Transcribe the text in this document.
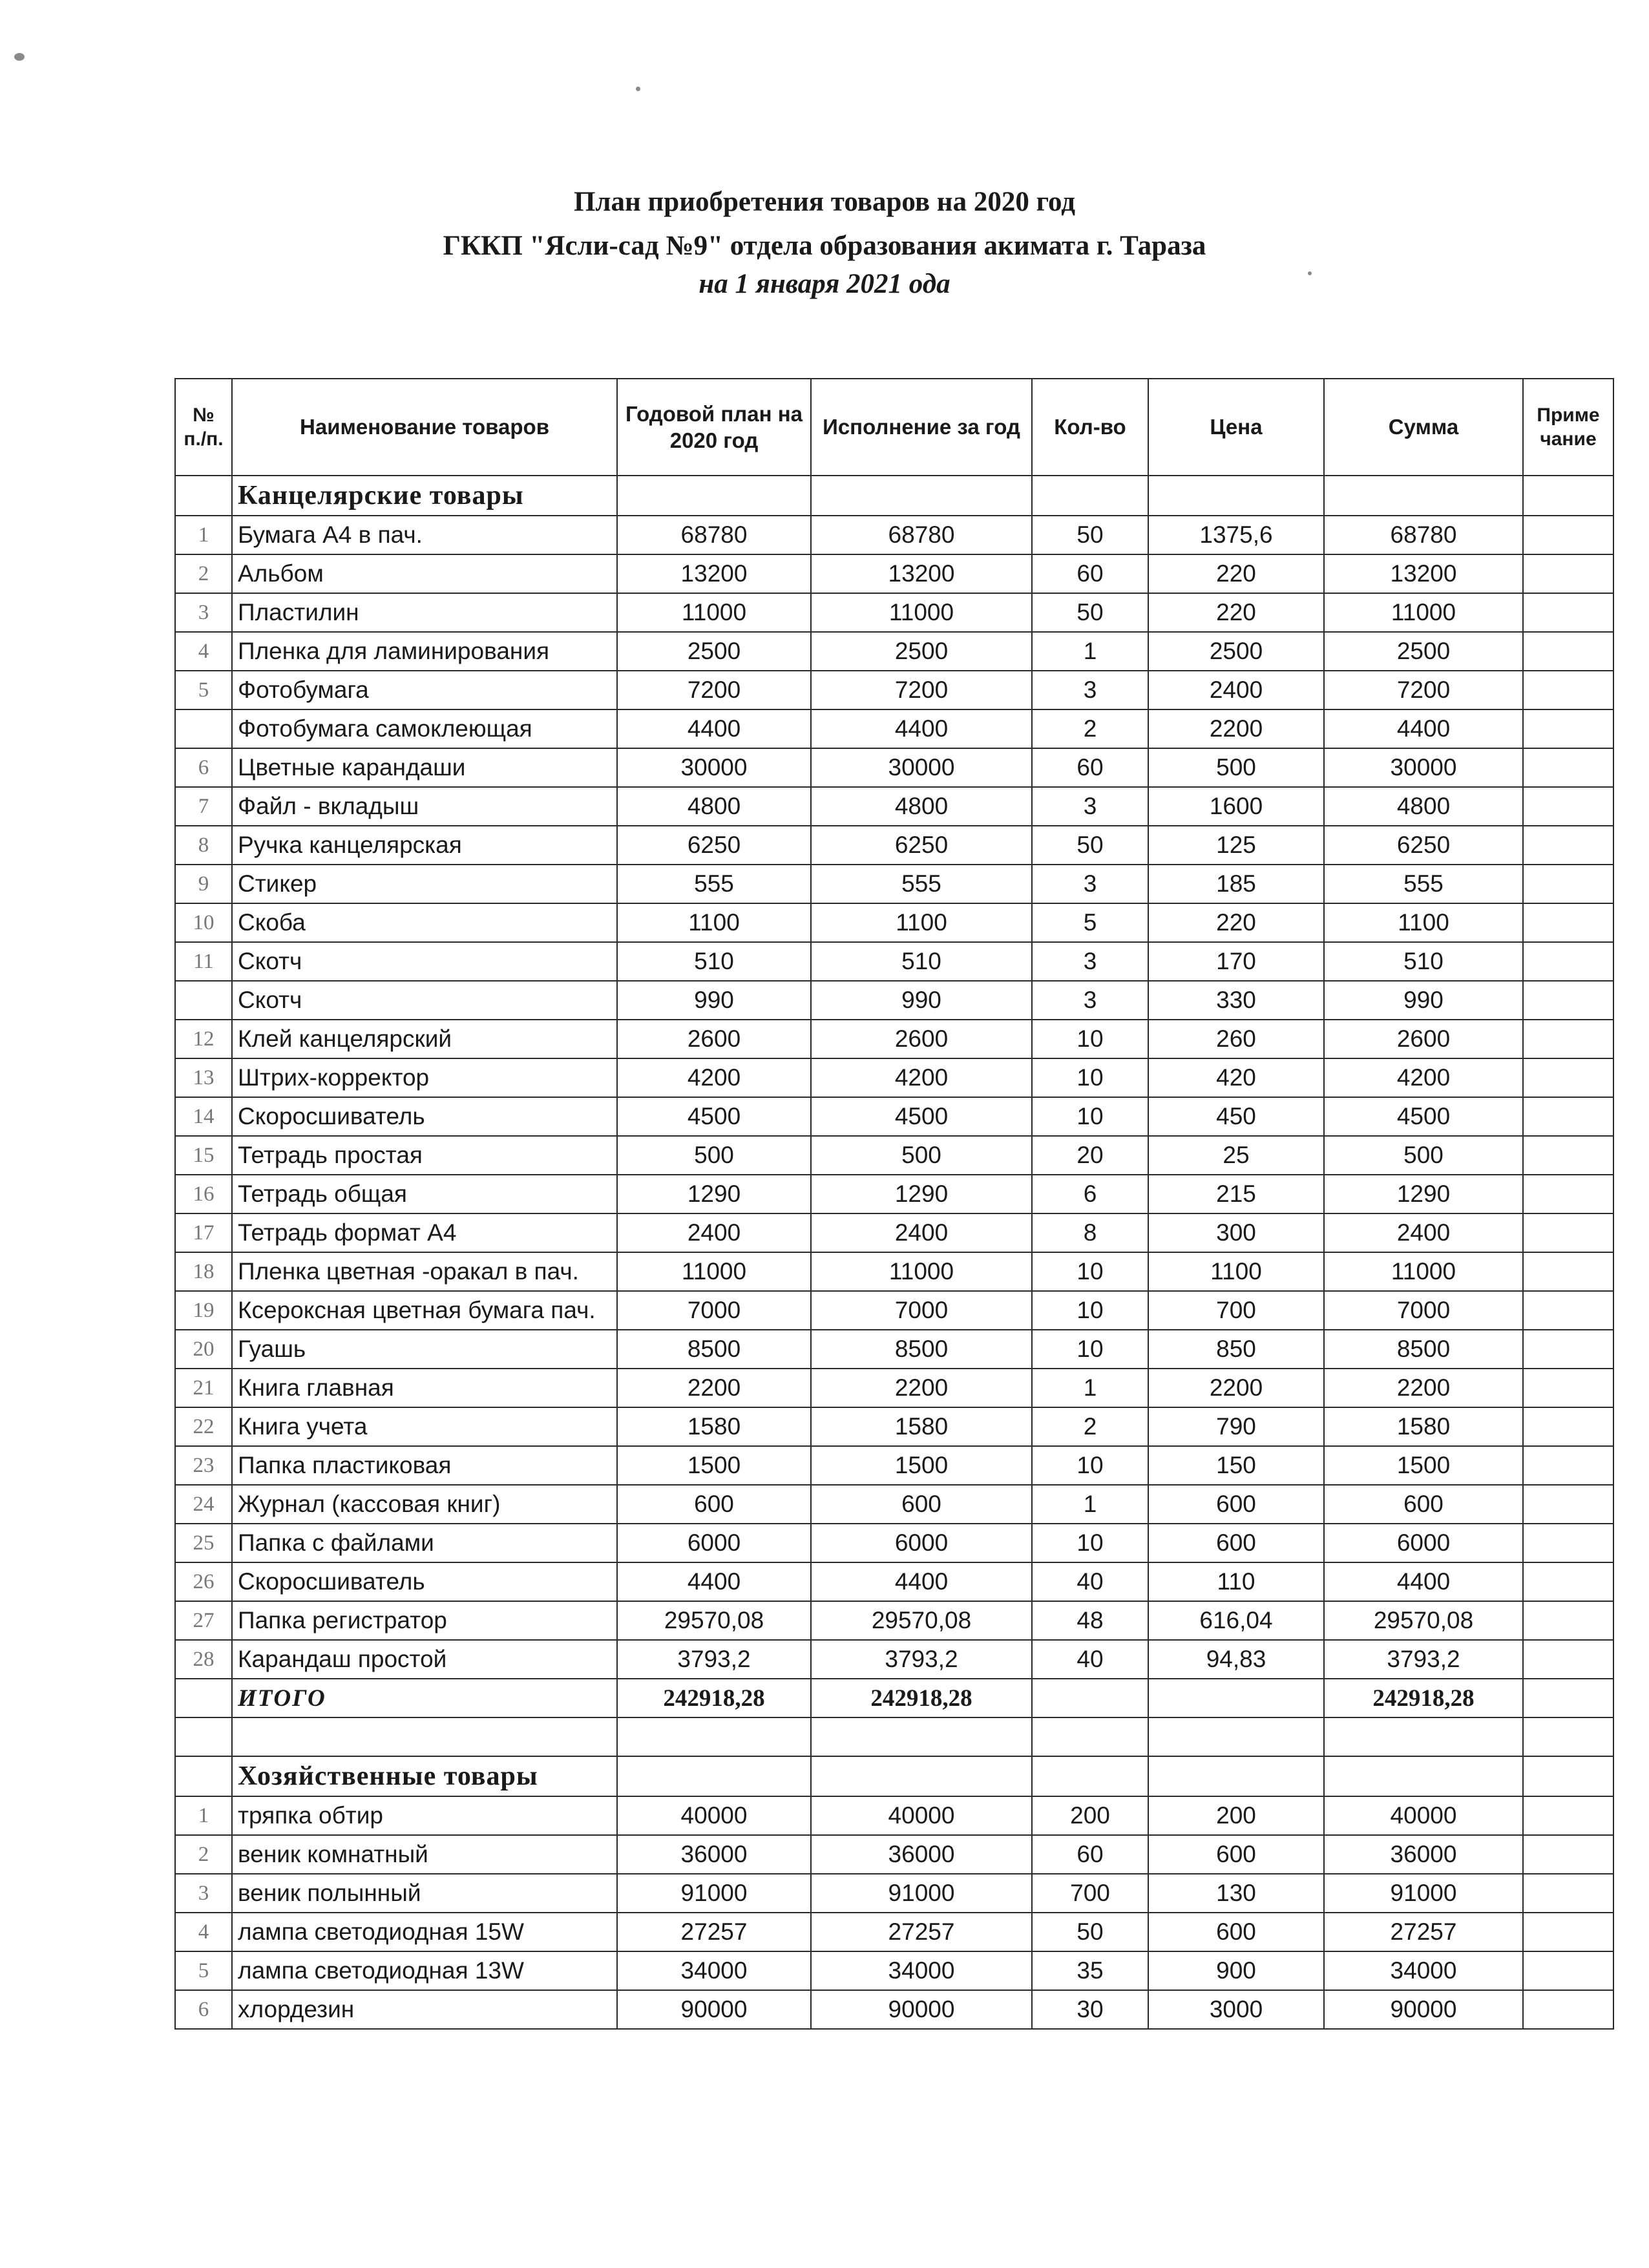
План приобретения товаров на 2020 год
ГККП "Ясли-сад №9" отдела образования акимата г. Тараза
на 1 января 2021 ода
№ п./п.	Наименование товаров	Годовой план на 2020 год	Исполнение за год	Кол-во	Цена	Сумма	Приме чание
	Канцелярские товары						
1	Бумага А4 в пач.	68780	68780	50	1375,6	68780	
2	Альбом	13200	13200	60	220	13200	
3	Пластилин	11000	11000	50	220	11000	
4	Пленка для ламинирования	2500	2500	1	2500	2500	
5	Фотобумага	7200	7200	3	2400	7200	
	Фотобумага самоклеющая	4400	4400	2	2200	4400	
6	Цветные карандаши	30000	30000	60	500	30000	
7	Файл - вкладыш	4800	4800	3	1600	4800	
8	Ручка канцелярская	6250	6250	50	125	6250	
9	Стикер	555	555	3	185	555	
10	Скоба	1100	1100	5	220	1100	
11	Скотч	510	510	3	170	510	
	Скотч	990	990	3	330	990	
12	Клей канцелярский	2600	2600	10	260	2600	
13	Штрих-корректор	4200	4200	10	420	4200	
14	Скоросшиватель	4500	4500	10	450	4500	
15	Тетрадь простая	500	500	20	25	500	
16	Тетрадь общая	1290	1290	6	215	1290	
17	Тетрадь формат А4	2400	2400	8	300	2400	
18	Пленка цветная -оракал в пач.	11000	11000	10	1100	11000	
19	Ксероксная цветная бумага пач.	7000	7000	10	700	7000	
20	Гуашь	8500	8500	10	850	8500	
21	Книга главная	2200	2200	1	2200	2200	
22	Книга учета	1580	1580	2	790	1580	
23	Папка пластиковая	1500	1500	10	150	1500	
24	Журнал (кассовая книг)	600	600	1	600	600	
25	Папка с файлами	6000	6000	10	600	6000	
26	Скоросшиватель	4400	4400	40	110	4400	
27	Папка регистратор	29570,08	29570,08	48	616,04	29570,08	
28	Карандаш простой	3793,2	3793,2	40	94,83	3793,2	
	ИТОГО	242918,28	242918,28			242918,28	

	Хозяйственные товары						
1	тряпка обтир	40000	40000	200	200	40000	
2	веник комнатный	36000	36000	60	600	36000	
3	веник полынный	91000	91000	700	130	91000	
4	лампа светодиодная 15W	27257	27257	50	600	27257	
5	лампа светодиодная 13W	34000	34000	35	900	34000	
6	хлордезин	90000	90000	30	3000	90000	
